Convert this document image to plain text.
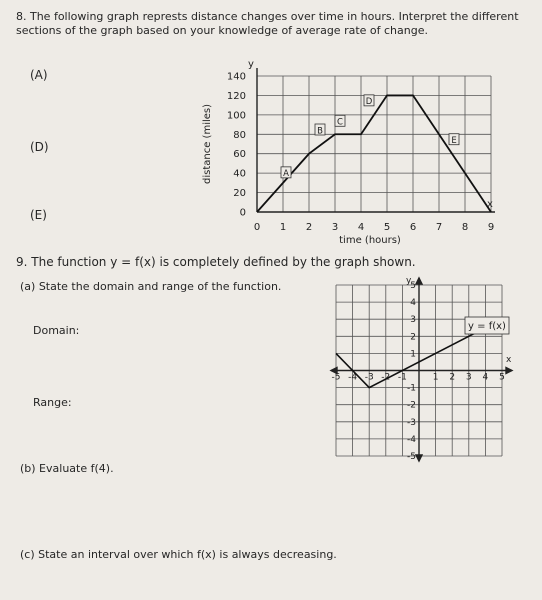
8. The following graph represts distance changes over time in hours. Interpret the different
sections of the graph based on your knowledge of average rate of change.
(A)
(D)
(E)
y
x
0
20
40
60
80
100
120
140
0 1 2 3 4 5 6 7 8 9
distance (miles)
time (hours)
A
B
C
D
E
y
x
-5 -4 -3 -2 -1	1 2 3 4 5
5
4
3
2
1
-1
-2
-3
-4
-5
y = f(x)
9. The function y = f(x) is completely defined by the graph shown.
(a) State the domain and range of the function.
Domain:
Range:
(b) Evaluate f(4).
(c) State an interval over which f(x) is always decreasing.
